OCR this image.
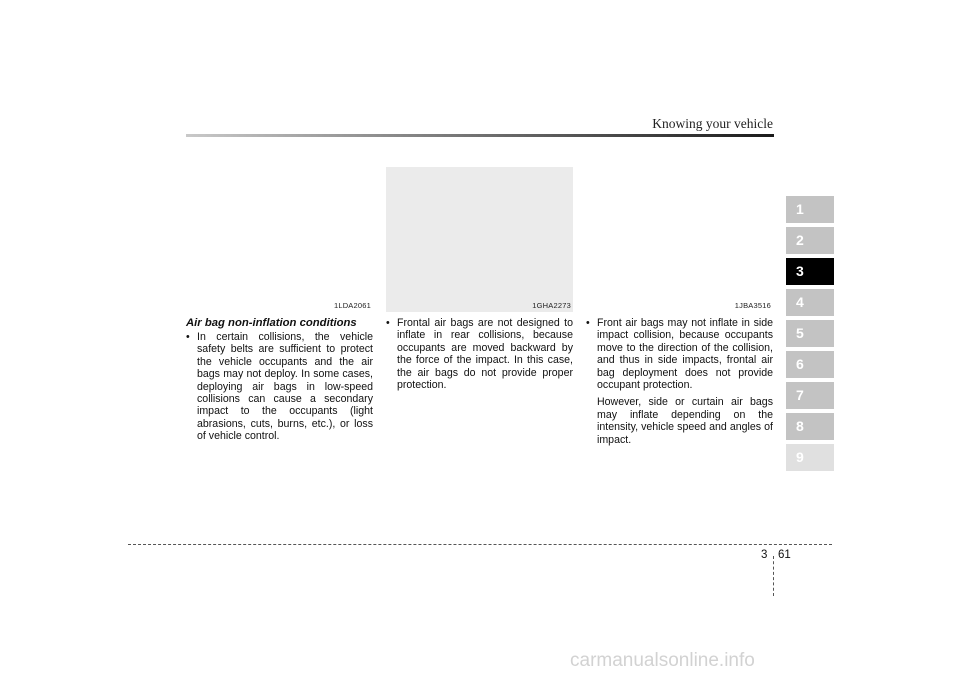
Knowing your vehicle
1
2
3
4
5
6
7
8
9
1LDA2061
Air bag non-inflation conditions
• In certain collisions, the vehicle safety belts are sufficient to protect the vehicle occupants and the air bags may not deploy. In some cases, deploying air bags in low-speed collisions can cause a secondary impact to the occupants (light abrasions, cuts, burns, etc.), or loss of vehicle control.
1GHA2273
• Frontal air bags are not designed to inflate in rear collisions, because occupants are moved backward by the force of the impact. In this case, the air bags do not provide proper protection.
1JBA3516
• Front air bags may not inflate in side impact collision, because occupants move to the direction of the collision, and thus in side impacts, frontal air bag deployment does not provide occupant protection.
However, side or curtain air bags may inflate depending on the intensity, vehicle speed and angles of impact.
3 61
carmanualsonline.info
